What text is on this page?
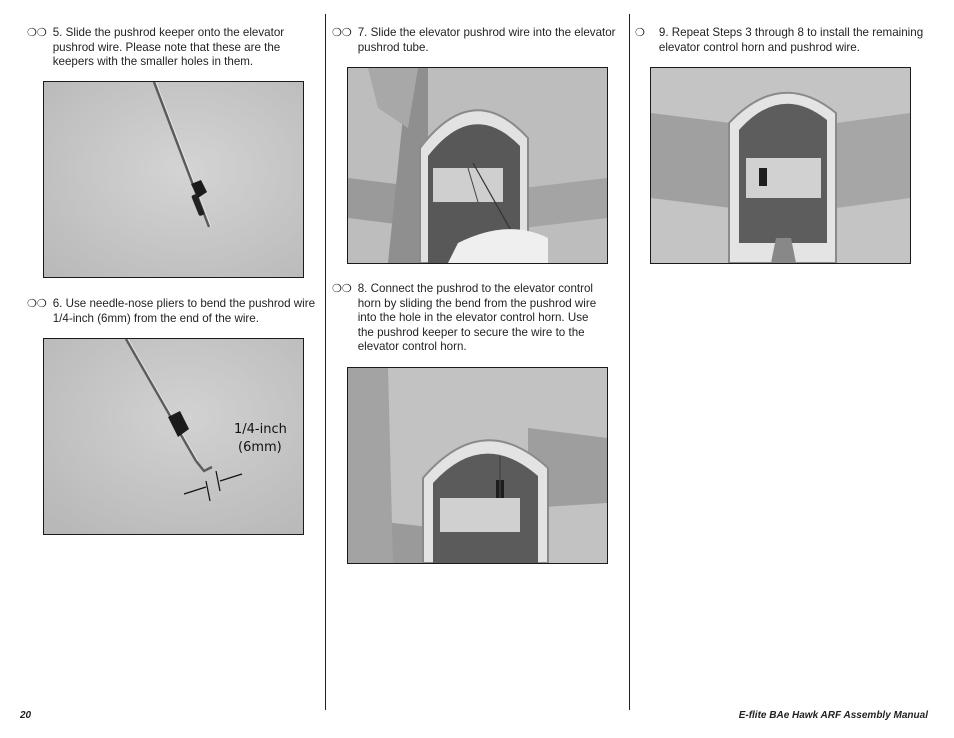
❍❍ 5. Slide the pushrod keeper onto the elevator pushrod wire. Please note that these are the keepers with the smaller holes in them.
❍❍ 6. Use needle-nose pliers to bend the pushrod wire 1/4-inch (6mm) from the end of the wire.
1/4-inch
(6mm)
❍❍ 7. Slide the elevator pushrod wire into the elevator pushrod tube.
❍❍ 8. Connect the pushrod to the elevator control horn by sliding the bend from the pushrod wire into the hole in the elevator control horn. Use the pushrod keeper to secure the wire to the elevator control horn.
❍	9. Repeat Steps 3 through 8 to install the remaining elevator control horn and pushrod wire.
20	E-flite BAe Hawk ARF Assembly Manual
